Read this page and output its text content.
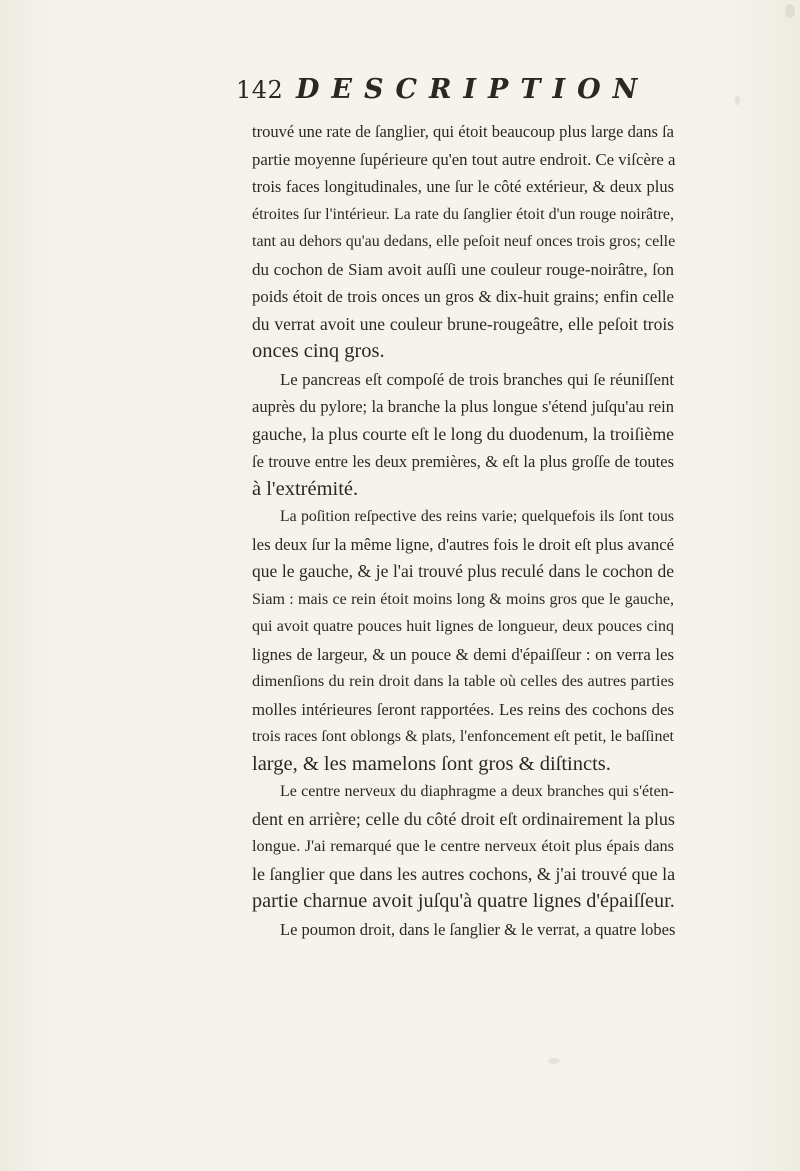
142 DESCRIPTION
trouvé une rate de ſanglier, qui étoit beaucoup plus large dans ſa
partie moyenne ſupérieure qu'en tout autre endroit. Ce viſcère a
trois faces longitudinales, une ſur le côté extérieur, & deux plus
étroites ſur l'intérieur. La rate du ſanglier étoit d'un rouge noirâtre,
tant au dehors qu'au dedans, elle peſoit neuf onces trois gros; celle
du cochon de Siam avoit auſſi une couleur rouge-noirâtre, ſon
poids étoit de trois onces un gros & dix-huit grains; enfin celle
du verrat avoit une couleur brune-rougeâtre, elle peſoit trois
onces cinq gros.
Le pancreas eſt compoſé de trois branches qui ſe réuniſſent
auprès du pylore; la branche la plus longue s'étend juſqu'au rein
gauche, la plus courte eſt le long du duodenum, la troiſième
ſe trouve entre les deux premières, & eſt la plus groſſe de toutes
à l'extrémité.
La poſition reſpective des reins varie; quelquefois ils ſont tous
les deux ſur la même ligne, d'autres fois le droit eſt plus avancé
que le gauche, & je l'ai trouvé plus reculé dans le cochon de
Siam : mais ce rein étoit moins long & moins gros que le gauche,
qui avoit quatre pouces huit lignes de longueur, deux pouces cinq
lignes de largeur, & un pouce & demi d'épaiſſeur : on verra les
dimenſions du rein droit dans la table où celles des autres parties
molles intérieures ſeront rapportées. Les reins des cochons des
trois races ſont oblongs & plats, l'enfoncement eſt petit, le baſſinet
large, & les mamelons ſont gros & diſtincts.
Le centre nerveux du diaphragme a deux branches qui s'éten-
dent en arrière; celle du côté droit eſt ordinairement la plus
longue. J'ai remarqué que le centre nerveux étoit plus épais dans
le ſanglier que dans les autres cochons, & j'ai trouvé que la
partie charnue avoit juſqu'à quatre lignes d'épaiſſeur.
Le poumon droit, dans le ſanglier & le verrat, a quatre lobes
